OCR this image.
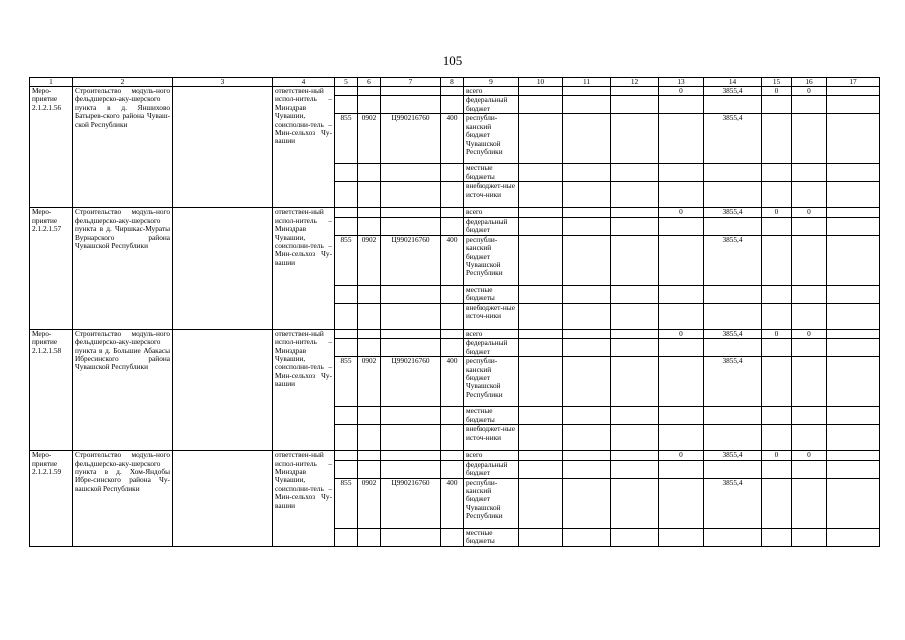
105
1	2	3	4	5	6	7	8	9	10	11	12	13	14	15	16	17
Меро-приятие 2.1.2.1.56	Строительство модуль-ного фельдшерско-аку-шерского пункта в д. Яншихово Батырев-ского района Чуваш-ской Республики		ответствен-ный испол-нитель – Минздрав Чувашии, соисполни-тель – Мин-сельхоз Чу-вашии					всего				0	3855,4	0	0	
								федеральный бюджет								
				855	0902	Ц990216760	400	республи-канский бюджет Чувашской Республики					3855,4			
								местные бюджеты								
								внебюджет-ные источ-ники								
Меро-приятие 2.1.2.1.57	Строительство модуль-ного фельдшерско-аку-шерского пункта в д. Чиршкас-Мураты Вурнарского района Чувашской Республики		ответствен-ный испол-нитель – Минздрав Чувашии, соисполни-тель – Мин-сельхоз Чу-вашии					всего				0	3855,4	0	0	
								федеральный бюджет								
				855	0902	Ц990216760	400	республи-канский бюджет Чувашской Республики					3855,4			
								местные бюджеты								
								внебюджет-ные источ-ники								
Меро-приятие 2.1.2.1.58	Строительство модуль-ного фельдшерско-аку-шерского пункта в д. Большие Абакасы Ибресинского района Чувашской Республики		ответствен-ный испол-нитель – Минздрав Чувашии, соисполни-тель – Мин-сельхоз Чу-вашии					всего				0	3855,4	0	0	
								федеральный бюджет								
				855	0902	Ц990216760	400	республи-канский бюджет Чувашской Республики					3855,4			
								местные бюджеты								
								внебюджет-ные источ-ники								
Меро-приятие 2.1.2.1.59	Строительство модуль-ного фельдшерско-аку-шерского пункта в д. Хом-Яндобы Ибре-синского района Чу-вашской Республики		ответствен-ный испол-нитель – Минздрав Чувашии, соисполни-тель – Мин-сельхоз Чу-вашии					всего				0	3855,4	0	0	
								федеральный бюджет								
				855	0902	Ц990216760	400	республи-канский бюджет Чувашской Республики					3855,4			
								местные бюджеты								
